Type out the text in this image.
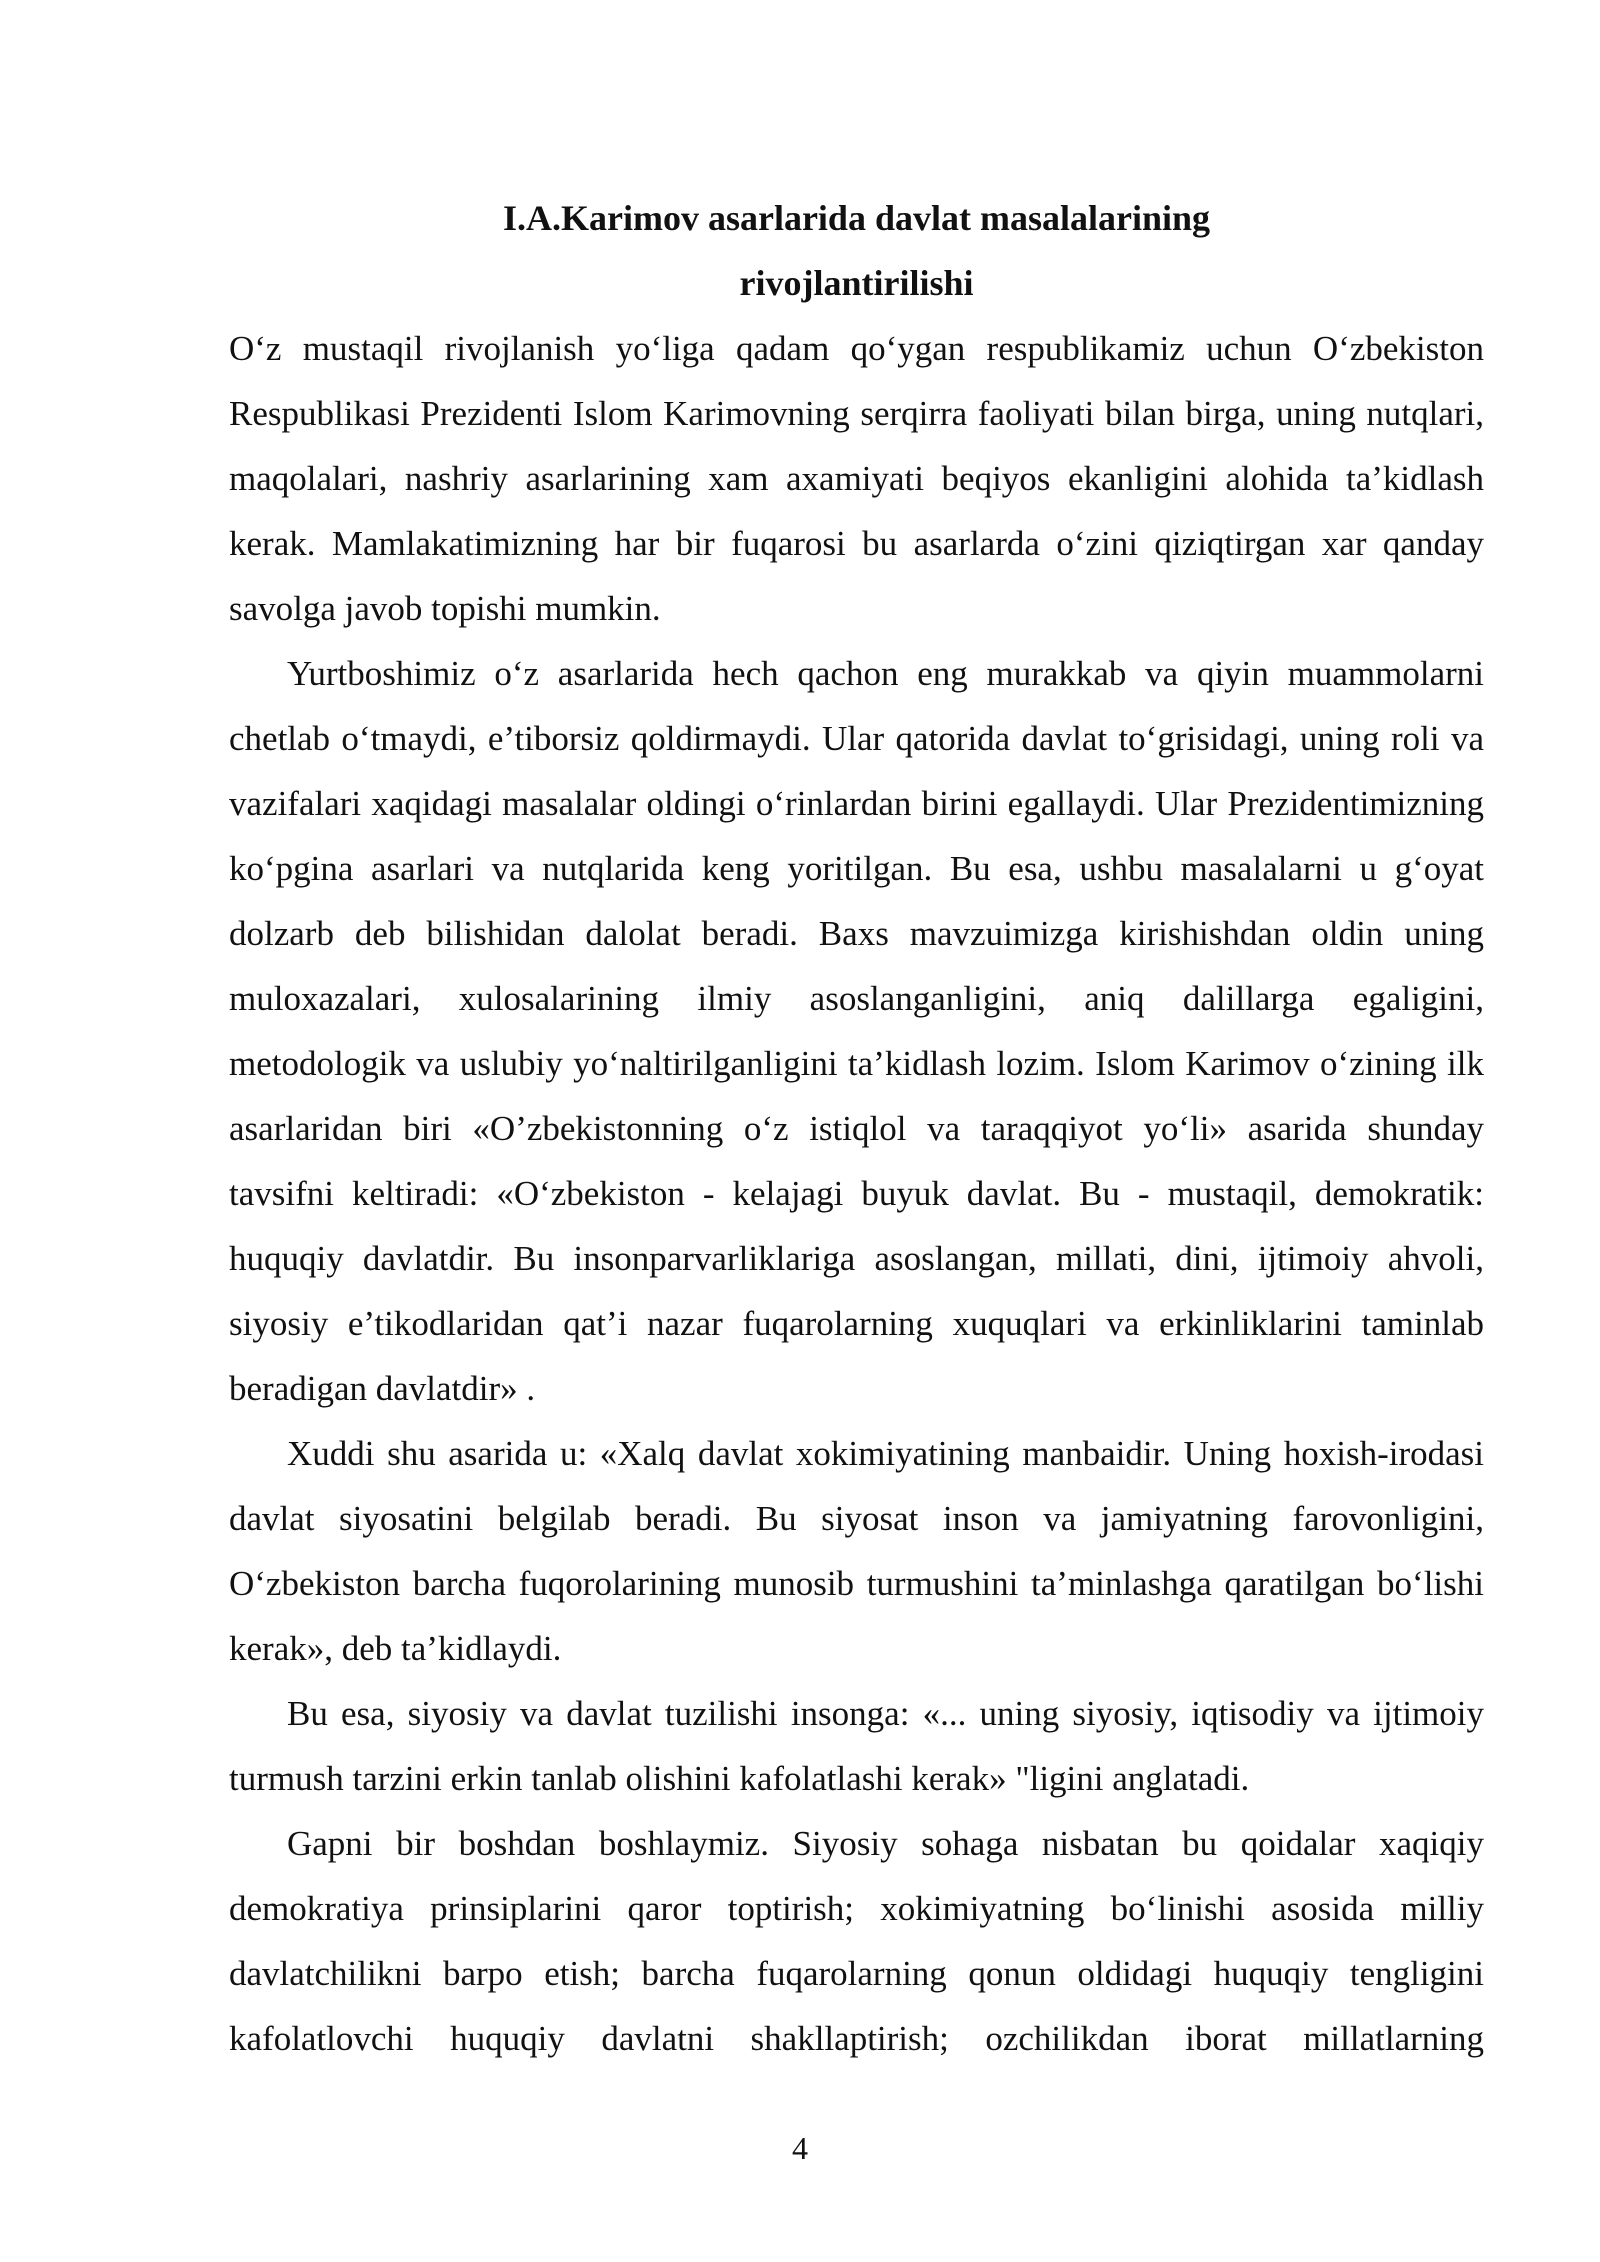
I.A.Karimov asarlarida davlat masalalarining
rivojlantirilishi

O‘z mustaqil rivojlanish yo‘liga qadam qo‘ygan respublikamiz uchun O‘zbekiston Respublikasi Prezidenti Islom Karimovning serqirra faoliyati bilan birga, uning nutqlari, maqolalari, nashriy asarlarining xam axamiyati beqiyos ekanligini alohida ta’kidlash kerak. Mamlakatimizning har bir fuqarosi bu asarlarda o‘zini qiziqtirgan xar qanday savolga javob topishi mumkin.

Yurtboshimiz o‘z asarlarida hech qachon eng murakkab va qiyin muammolarni chetlab o‘tmaydi, e’tiborsiz qoldirmaydi. Ular qatorida davlat to‘grisidagi, uning roli va vazifalari xaqidagi masalalar oldingi o‘rinlardan birini egallaydi. Ular Prezidentimizning ko‘pgina asarlari va nutqlarida keng yoritilgan. Bu esa, ushbu masalalarni u g‘oyat dolzarb deb bilishidan dalolat beradi. Baxs mavzuimizga kirishishdan oldin uning muloxazalari, xulosalarining ilmiy asoslanganligini, aniq dalillarga egaligini, metodologik va uslubiy yo‘naltirilganligini ta’kidlash lozim. Islom Karimov o‘zining ilk asarlaridan biri «O’zbekistonning o‘z istiqlol va taraqqiyot yo‘li» asarida shunday tavsifni keltiradi: «O‘zbekiston - kelajagi buyuk davlat. Bu - mustaqil, demokratik: huquqiy davlatdir. Bu insonparvarliklariga asoslangan, millati, dini, ijtimoiy ahvoli, siyosiy e’tikodlaridan qat’i nazar fuqarolarning xuquqlari va erkinliklarini taminlab beradigan davlatdir» .

Xuddi shu asarida u: «Xalq davlat xokimiyatining manbaidir. Uning hoxish-irodasi davlat siyosatini belgilab beradi. Bu siyosat inson va jamiyatning farovonligini, O‘zbekiston barcha fuqorolarining munosib turmushini ta’minlashga qaratilgan bo‘lishi kerak», deb ta’kidlaydi.

Bu esa, siyosiy va davlat tuzilishi insonga: «... uning siyosiy, iqtisodiy va ijtimoiy turmush tarzini erkin tanlab olishini kafolatlashi kerak» "ligini anglatadi.

Gapni bir boshdan boshlaymiz. Siyosiy sohaga nisbatan bu qoidalar xaqiqiy demokratiya prinsiplarini qaror toptirish; xokimiyatning bo‘linishi asosida milliy davlatchilikni barpo etish; barcha fuqarolarning qonun oldidagi huquqiy tengligini kafolatlovchi huquqiy davlatni shakllaptirish; ozchilikdan iborat millatlarning

4
